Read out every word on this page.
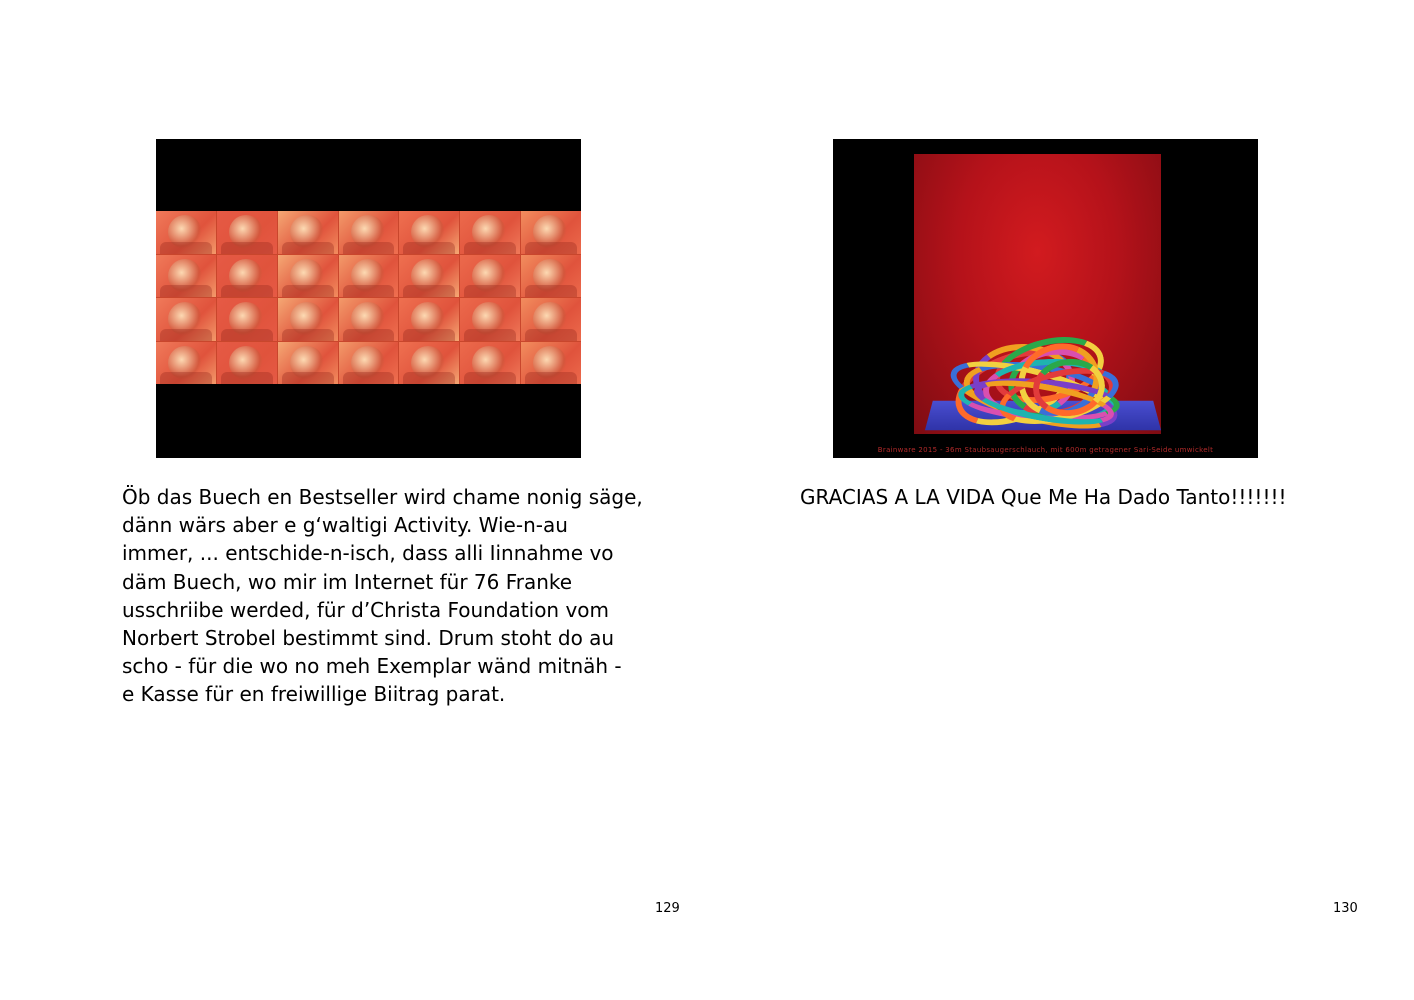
Öb das Buech en Bestseller wird chame nonig säge,
dänn wärs aber e g‘waltigi Activity. Wie-n-au
immer, ... entschide-n-isch, dass alli Iinnahme vo
däm Buech, wo mir im Internet für 76 Franke
usschriibe werded, für d’Christa Foundation vom
Norbert Strobel bestimmt sind. Drum stoht do au
scho - für die wo no meh Exemplar wänd mitnäh -
e Kasse für en freiwillige Biitrag parat.
129
Brainware 2015 - 36m Staubsaugerschlauch, mit 600m getragener Sari-Seide umwickelt
GRACIAS A LA VIDA Que Me Ha Dado Tanto!!!!!!!
130
